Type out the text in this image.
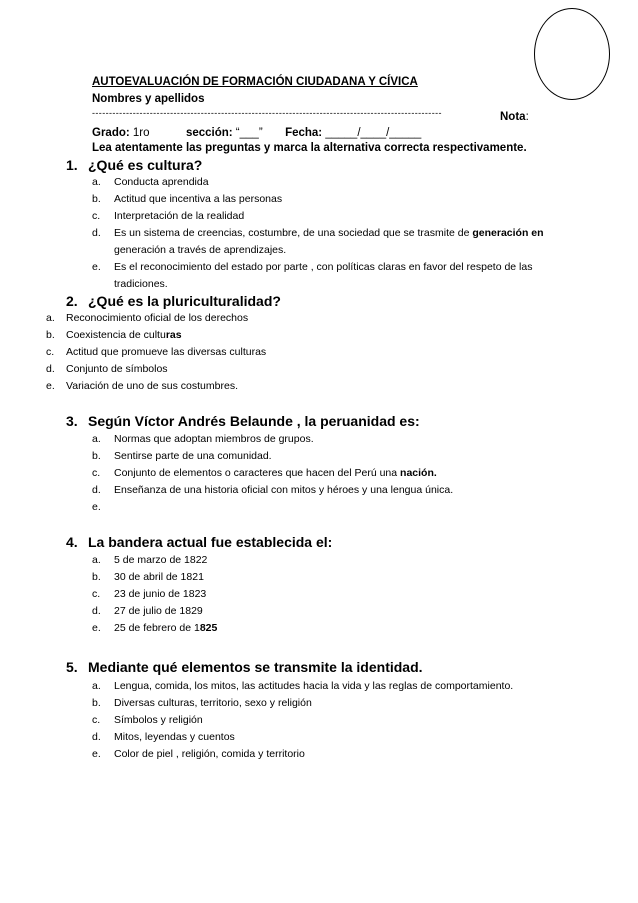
AUTOEVALUACIÓN DE FORMACIÓN CIUDADANA Y CÍVICA
Nombres y apellidos
-------------------------------------------------------------------------------------------------------	Nota:
Grado: 1ro	sección: “___” Fecha: _____/____/_____
Lea atentamente las preguntas y marca la alternativa correcta respectivamente.
1. ¿Qué es cultura?
a. Conducta aprendida
b. Actitud que incentiva a las personas
c. Interpretación de la realidad
d. Es un sistema de creencias, costumbre, de una sociedad que se trasmite de generación en generación a través de aprendizajes.
e. Es el reconocimiento del estado por parte , con políticas claras en favor del respeto de las tradiciones.
2. ¿Qué es la pluriculturalidad?
a. Reconocimiento oficial de los derechos
b. Coexistencia de culturas
c. Actitud que promueve las diversas culturas
d. Conjunto de símbolos
e. Variación de uno de sus costumbres.
3. Según Víctor Andrés Belaunde , la peruanidad es:
a. Normas que adoptan miembros de grupos.
b. Sentirse parte de una comunidad.
c. Conjunto de elementos o caracteres que hacen del Perú una nación.
d. Enseñanza de una historia oficial con mitos y héroes y una lengua única.
e.

4. La bandera actual fue establecida el:
a. 5 de marzo de 1822
b. 30 de abril de 1821
c. 23 de junio de 1823
d. 27 de julio de 1829
e. 25 de febrero de 1825
5. Mediante qué elementos se transmite la identidad.
a. Lengua, comida, los mitos, las actitudes hacia la vida y las reglas de comportamiento.
b. Diversas culturas, territorio, sexo y religión
c. Símbolos y religión
d. Mitos, leyendas y cuentos
e. Color de piel , religión, comida y territorio
